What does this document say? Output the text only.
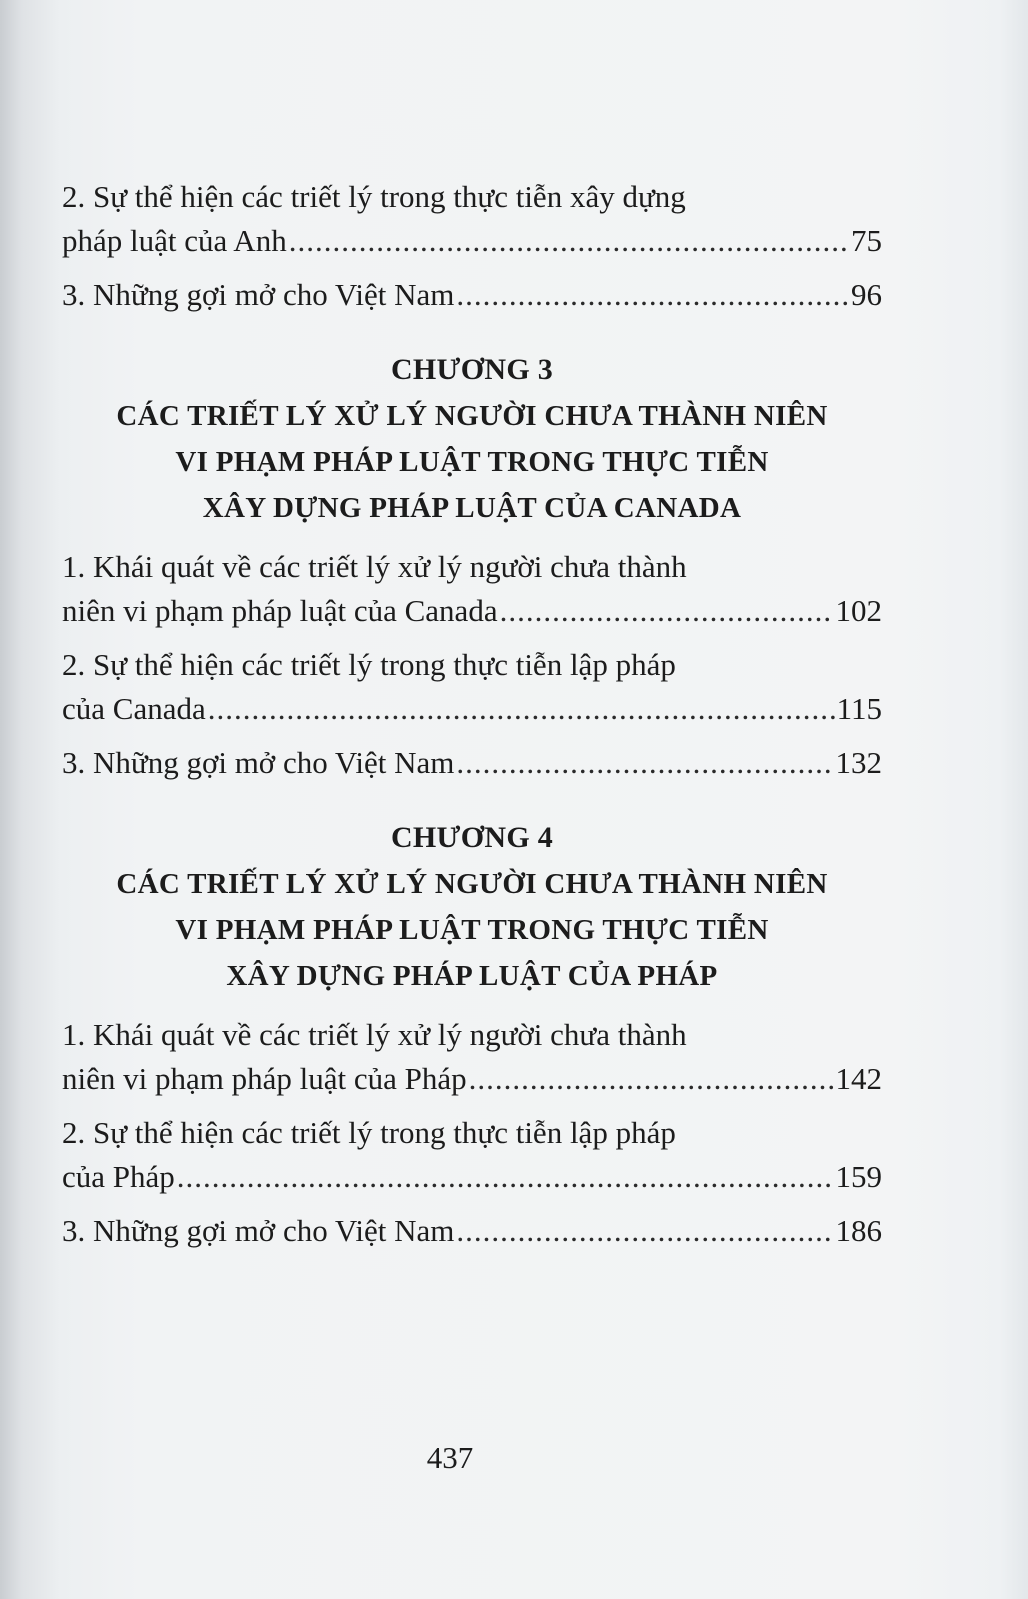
2. Sự thể hiện các triết lý trong thực tiễn xây dựng
pháp luật của Anh .....	75
3. Những gợi mở cho Việt Nam .....	96
CHƯƠNG 3
CÁC TRIẾT LÝ XỬ LÝ NGƯỜI CHƯA THÀNH NIÊN
VI PHẠM PHÁP LUẬT TRONG THỰC TIỄN
XÂY DỰNG PHÁP LUẬT CỦA CANADA
1. Khái quát về các triết lý xử lý người chưa thành
niên vi phạm pháp luật của Canada .....	102
2. Sự thể hiện các triết lý trong thực tiễn lập pháp
của Canada .....	115
3. Những gợi mở cho Việt Nam .....	132
CHƯƠNG 4
CÁC TRIẾT LÝ XỬ LÝ NGƯỜI CHƯA THÀNH NIÊN
VI PHẠM PHÁP LUẬT TRONG THỰC TIỄN
XÂY DỰNG PHÁP LUẬT CỦA PHÁP
1. Khái quát về các triết lý xử lý người chưa thành
niên vi phạm pháp luật của Pháp .....	142
2. Sự thể hiện các triết lý trong thực tiễn lập pháp
của Pháp .....	159
3. Những gợi mở cho Việt Nam .....	186
437
